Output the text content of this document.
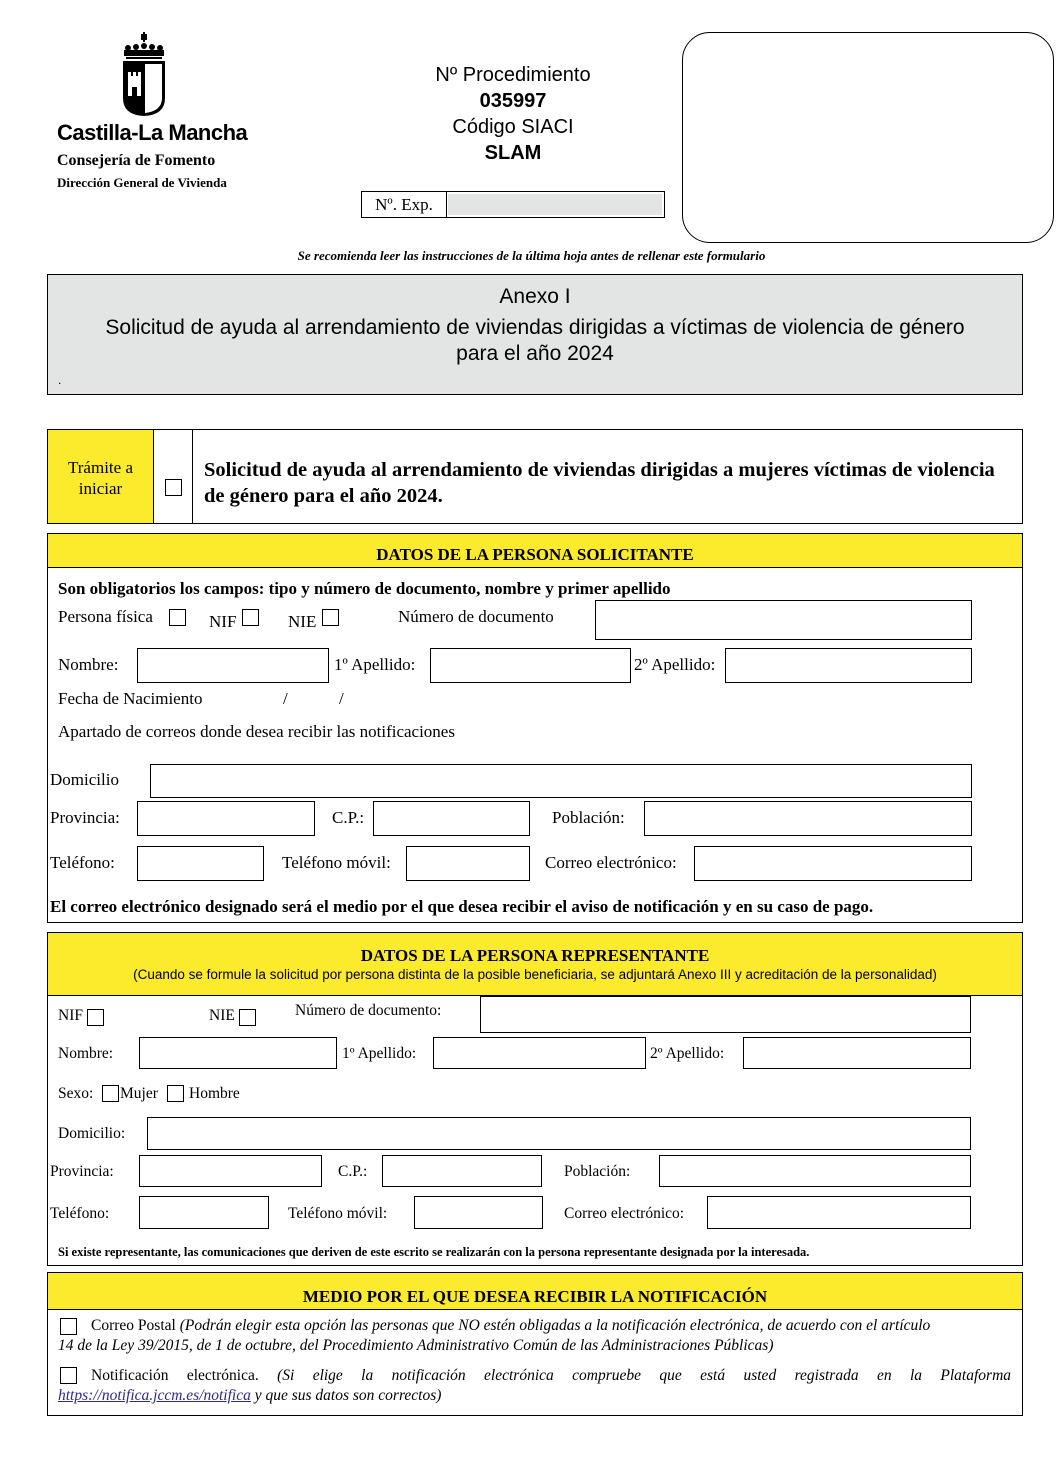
Castilla-La Mancha
Consejería de Fomento
Dirección General de Vivienda
Nº Procedimiento
035997
Código SIACI
SLAM
Nº. Exp.
Se recomienda leer las instrucciones de la última hoja antes de rellenar este formulario
Anexo I
Solicitud de ayuda al arrendamiento de viviendas dirigidas a víctimas de violencia de género
para el año 2024
.
Trámite a iniciar
Solicitud de ayuda al arrendamiento de viviendas dirigidas a mujeres víctimas de violencia de género para el año 2024.
DATOS DE LA PERSONA SOLICITANTE
Son obligatorios los campos: tipo y número de documento, nombre y primer apellido
Persona física	NIF	NIE	Número de documento
Nombre:	1º Apellido:	2º Apellido:
Fecha de Nacimiento	/	/
Apartado de correos donde desea recibir las notificaciones
Domicilio
Provincia:	C.P.:	Población:
Teléfono:	Teléfono móvil:	Correo electrónico:
El correo electrónico designado será el medio por el que desea recibir el aviso de notificación y en su caso de pago.
DATOS DE LA PERSONA REPRESENTANTE
(Cuando se formule la solicitud por persona distinta de la posible beneficiaria, se adjuntará Anexo III y acreditación de la personalidad)
NIF	NIE	Número de documento:
Nombre:	1º Apellido:	2º Apellido:
Sexo: Mujer Hombre
Domicilio:
Provincia:	C.P.:	Población:
Teléfono:	Teléfono móvil:	Correo electrónico:
Si existe representante, las comunicaciones que deriven de este escrito se realizarán con la persona representante designada por la interesada.
MEDIO POR EL QUE DESEA RECIBIR LA NOTIFICACIÓN
Correo Postal (Podrán elegir esta opción las personas que NO estén obligadas a la notificación electrónica, de acuerdo con el artículo
14 de la Ley 39/2015, de 1 de octubre, del Procedimiento Administrativo Común de las Administraciones Públicas)
Notificación electrónica. (Si elige la notificación electrónica compruebe que está usted registrada en la Plataforma
https://notifica.jccm.es/notifica y que sus datos son correctos)
